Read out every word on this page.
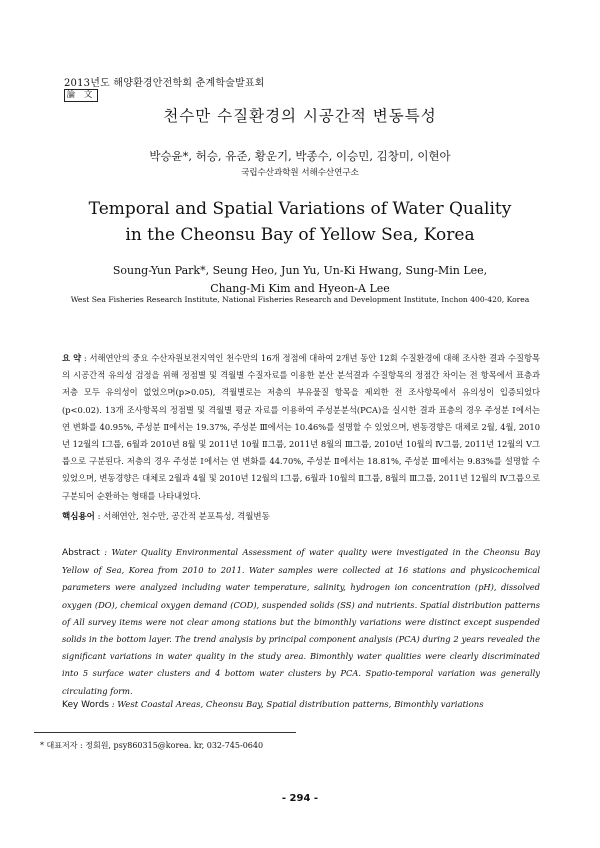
2013년도 해양환경안전학회 춘계학술발표회
論 文
천수만 수질환경의 시공간적 변동특성
박승윤*, 허승, 유준, 황운기, 박종수, 이승민, 김창미, 이현아
국립수산과학원 서해수산연구소
Temporal and Spatial Variations of Water Quality
in the Cheonsu Bay of Yellow Sea, Korea
Soung-Yun Park*, Seung Heo, Jun Yu, Un-Ki Hwang, Sung-Min Lee,
Chang-Mi Kim and Hyeon-A Lee
West Sea Fisheries Research Institute, National Fisheries Research and Development Institute, Inchon 400-420, Korea
요 약 : 서해연안의 중요 수산자원보전지역인 천수만의 16개 정점에 대하여 2개년 동안 12회 수질환경에 대해 조사한 결과 수질항목의 시공간적 유의성 검정을 위해 정점별 및 격월별 수질자료를 이용한 분산 분석결과 수질항목의 정점간 차이는 전 항목에서 표층과 저층 모두 유의성이 없었으며(p>0.05), 격월별로는 저층의 부유물질 항목을 제외한 전 조사항목에서 유의성이 입증되었다(p<0.02). 13개 조사항목의 정점별 및 격월별 평균 자료를 이용하여 주성분분석(PCA)을 실시한 결과 표층의 경우 주성분 Ⅰ에서는 연 변화를 40.95%, 주성분 Ⅱ에서는 19.37%, 주성분 Ⅲ에서는 10.46%를 설명할 수 있었으며, 변동경향은 대체로 2월, 4월, 2010년 12월의 Ⅰ그룹, 6월과 2010년 8월 및 2011년 10월 Ⅱ그룹, 2011년 8월의 Ⅲ그룹, 2010년 10월의 Ⅳ그룹, 2011년 12월의 Ⅴ그룹으로 구분된다. 저층의 경우 주성분 Ⅰ에서는 연 변화를 44.70%, 주성분 Ⅱ에서는 18.81%, 주성분 Ⅲ에서는 9.83%를 설명할 수 있었으며, 변동경향은 대체로 2월과 4월 및 2010년 12월의 Ⅰ그룹, 6월과 10월의 Ⅱ그룹, 8월의 Ⅲ그룹, 2011년 12월의 Ⅳ그룹으로 구분되어 순환하는 형태를 나타내었다.
핵심용어 : 서해연안, 천수만, 공간적 분포특성, 격월변동
Abstract : Water Quality Environmental Assessment of water quality were investigated in the Cheonsu Bay Yellow of Sea, Korea from 2010 to 2011. Water samples were collected at 16 stations and physicochemical parameters were analyzed including water temperature, salinity, hydrogen ion concentration (pH), dissolved oxygen (DO), chemical oxygen demand (COD), suspended solids (SS) and nutrients. Spatial distribution patterns of All survey items were not clear among stations but the bimonthly variations were distinct except suspended solids in the bottom layer. The trend analysis by principal component analysis (PCA) during 2 years revealed the significant variations in water quality in the study area. Bimonthly water qualities were clearly discriminated into 5 surface water clusters and 4 bottom water clusters by PCA. Spatio-temporal variation was generally circulating form.
Key Words : West Coastal Areas, Cheonsu Bay, Spatial distribution patterns, Bimonthly variations
* 대표저자 : 정회원, psy860315@korea. kr, 032-745-0640
- 294 -
